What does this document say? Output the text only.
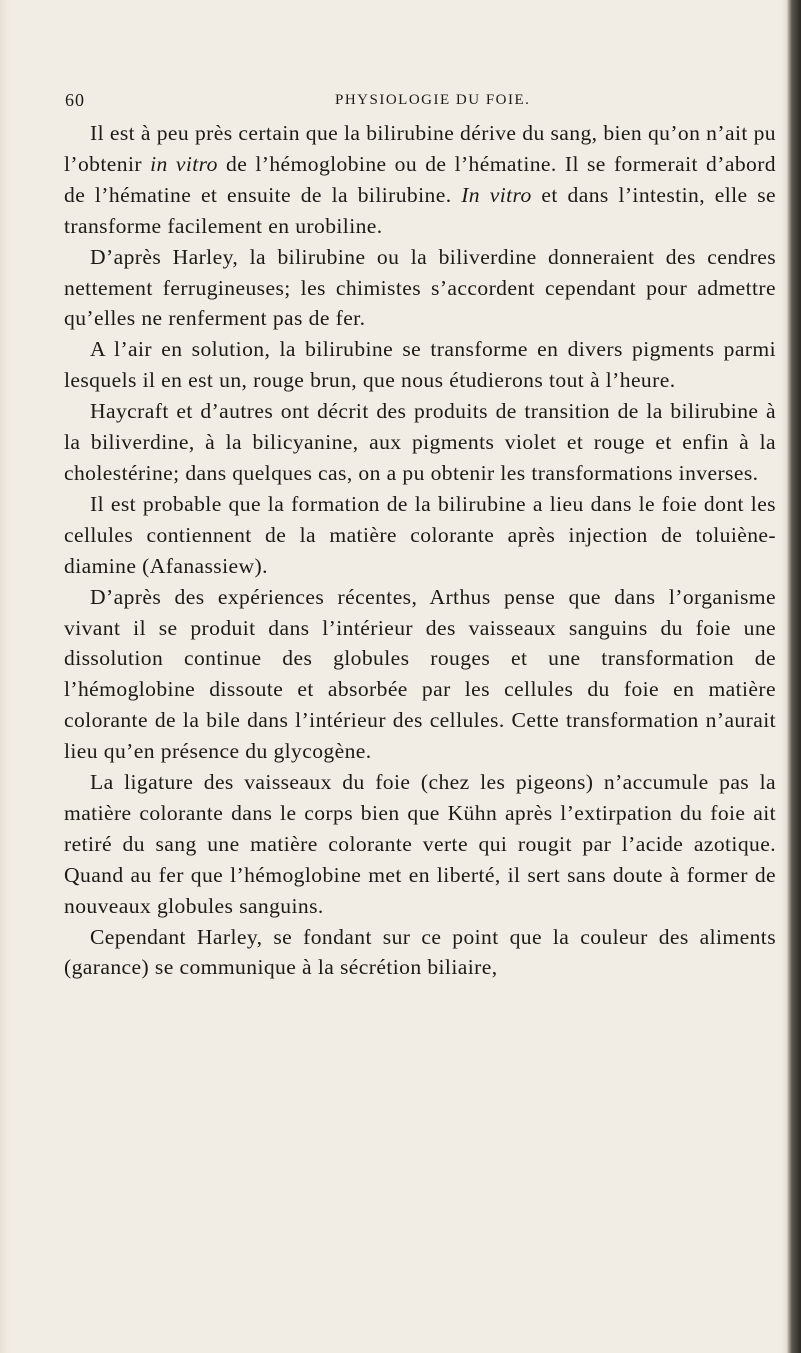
60	PHYSIOLOGIE DU FOIE.

Il est à peu près certain que la bilirubine dérive du sang, bien qu’on n’ait pu l’obtenir in vitro de l’hémoglobine ou de l’hématine. Il se formerait d’abord de l’hématine et ensuite de la bilirubine. In vitro et dans l’intestin, elle se transforme facilement en urobiline.

D’après Harley, la bilirubine ou la biliverdine donneraient des cendres nettement ferrugineuses; les chimistes s’accordent cependant pour admettre qu’elles ne renferment pas de fer.

A l’air en solution, la bilirubine se transforme en divers pigments parmi lesquels il en est un, rouge brun, que nous étudierons tout à l’heure.

Haycraft et d’autres ont décrit des produits de transition de la bilirubine à la biliverdine, à la bilicyanine, aux pigments violet et rouge et enfin à la cholestérine; dans quelques cas, on a pu obtenir les transformations inverses.

Il est probable que la formation de la bilirubine a lieu dans le foie dont les cellules contiennent de la matière colorante après injection de toluiène-diamine (Afanassiew).

D’après des expériences récentes, Arthus pense que dans l’organisme vivant il se produit dans l’intérieur des vaisseaux sanguins du foie une dissolution continue des globules rouges et une transformation de l’hémoglobine dissoute et absorbée par les cellules du foie en matière colorante de la bile dans l’intérieur des cellules. Cette transformation n’aurait lieu qu’en présence du glycogène.

La ligature des vaisseaux du foie (chez les pigeons) n’accumule pas la matière colorante dans le corps bien que Kühn après l’extirpation du foie ait retiré du sang une matière colorante verte qui rougit par l’acide azotique. Quand au fer que l’hémoglobine met en liberté, il sert sans doute à former de nouveaux globules sanguins.

Cependant Harley, se fondant sur ce point que la couleur des aliments (garance) se communique à la sécrétion biliaire,
